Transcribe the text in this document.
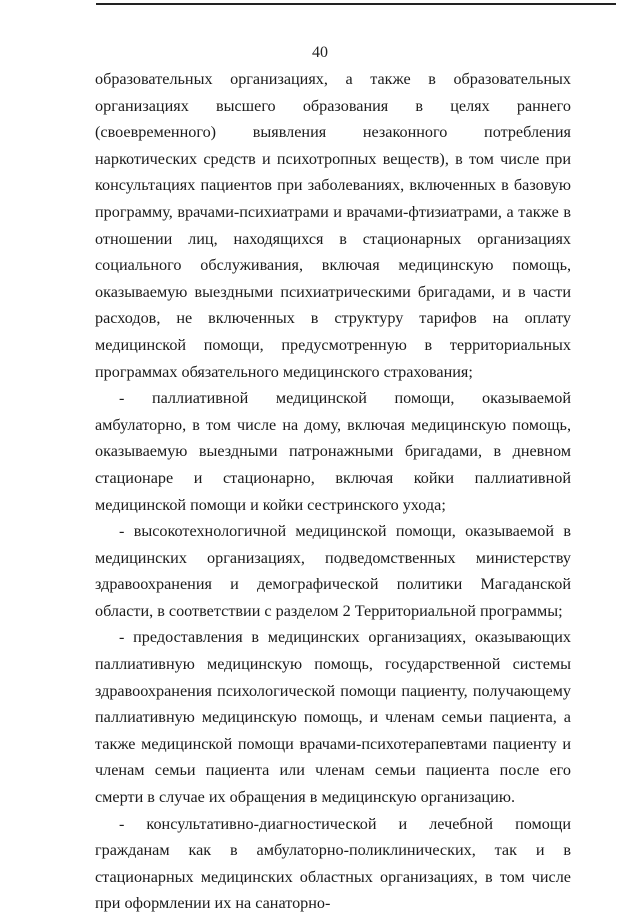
40

образовательных организациях, а также в образовательных организациях высшего образования в целях раннего (своевременного) выявления незаконного потребления наркотических средств и психотропных веществ), в том числе при консультациях пациентов при заболеваниях, включенных в базовую программу, врачами-психиатрами и врачами-фтизиатрами, а также в отношении лиц, находящихся в стационарных организациях социального обслуживания, включая медицинскую помощь, оказываемую выездными психиатрическими бригадами, и в части расходов, не включенных в структуру тарифов на оплату медицинской помощи, предусмотренную в территориальных программах обязательного медицинского страхования;

- паллиативной медицинской помощи, оказываемой амбулаторно, в том числе на дому, включая медицинскую помощь, оказываемую выездными патронажными бригадами, в дневном стационаре и стационарно, включая койки паллиативной медицинской помощи и койки сестринского ухода;

- высокотехнологичной медицинской помощи, оказываемой в медицинских организациях, подведомственных министерству здравоохранения и демографической политики Магаданской области, в соответствии с разделом 2 Территориальной программы;

- предоставления в медицинских организациях, оказывающих паллиативную медицинскую помощь, государственной системы здравоохранения психологической помощи пациенту, получающему паллиативную медицинскую помощь, и членам семьи пациента, а также медицинской помощи врачами-психотерапевтами пациенту и членам семьи пациента или членам семьи пациента после его смерти в случае их обращения в медицинскую организацию.

- консультативно-диагностической и лечебной помощи гражданам как в амбулаторно-поликлинических, так и в стационарных медицинских областных организациях, в том числе при оформлении их на санаторно-
